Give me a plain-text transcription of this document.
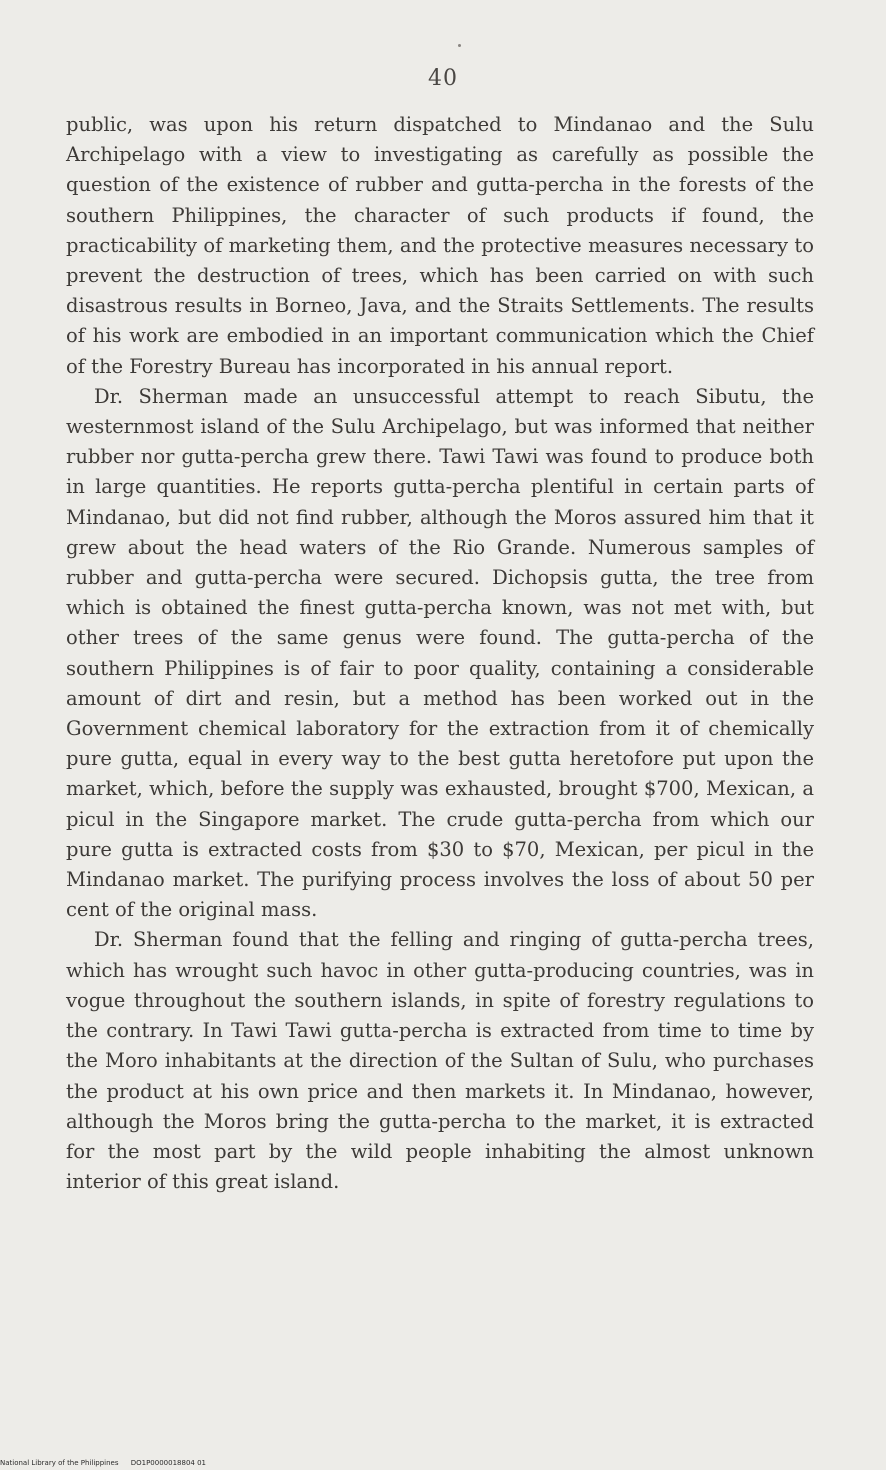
40

public, was upon his return dispatched to Mindanao and the Sulu Archipelago with a view to investigating as carefully as possible the question of the existence of rubber and gutta-percha in the forests of the southern Philippines, the character of such products if found, the practicability of marketing them, and the protective measures necessary to prevent the destruction of trees, which has been carried on with such disastrous results in Borneo, Java, and the Straits Settlements. The results of his work are embodied in an important communication which the Chief of the Forestry Bureau has incorporated in his annual report.

Dr. Sherman made an unsuccessful attempt to reach Sibutu, the westernmost island of the Sulu Archipelago, but was informed that neither rubber nor gutta-percha grew there. Tawi Tawi was found to produce both in large quantities. He reports gutta-percha plentiful in certain parts of Mindanao, but did not find rubber, although the Moros assured him that it grew about the head waters of the Rio Grande. Numerous samples of rubber and gutta-percha were secured. Dichopsis gutta, the tree from which is obtained the finest gutta-percha known, was not met with, but other trees of the same genus were found. The gutta-percha of the southern Philippines is of fair to poor quality, containing a considerable amount of dirt and resin, but a method has been worked out in the Government chemical laboratory for the extraction from it of chemically pure gutta, equal in every way to the best gutta heretofore put upon the market, which, before the supply was exhausted, brought $700, Mexican, a picul in the Singapore market. The crude gutta-percha from which our pure gutta is extracted costs from $30 to $70, Mexican, per picul in the Mindanao market. The purifying process involves the loss of about 50 per cent of the original mass.

Dr. Sherman found that the felling and ringing of gutta-percha trees, which has wrought such havoc in other gutta-producing countries, was in vogue throughout the southern islands, in spite of forestry regulations to the contrary. In Tawi Tawi gutta-percha is extracted from time to time by the Moro inhabitants at the direction of the Sultan of Sulu, who purchases the product at his own price and then markets it. In Mindanao, however, although the Moros bring the gutta-percha to the market, it is extracted for the most part by the wild people inhabiting the almost unknown interior of this great island.

National Library of the Philippines DO1P0000018804 01
